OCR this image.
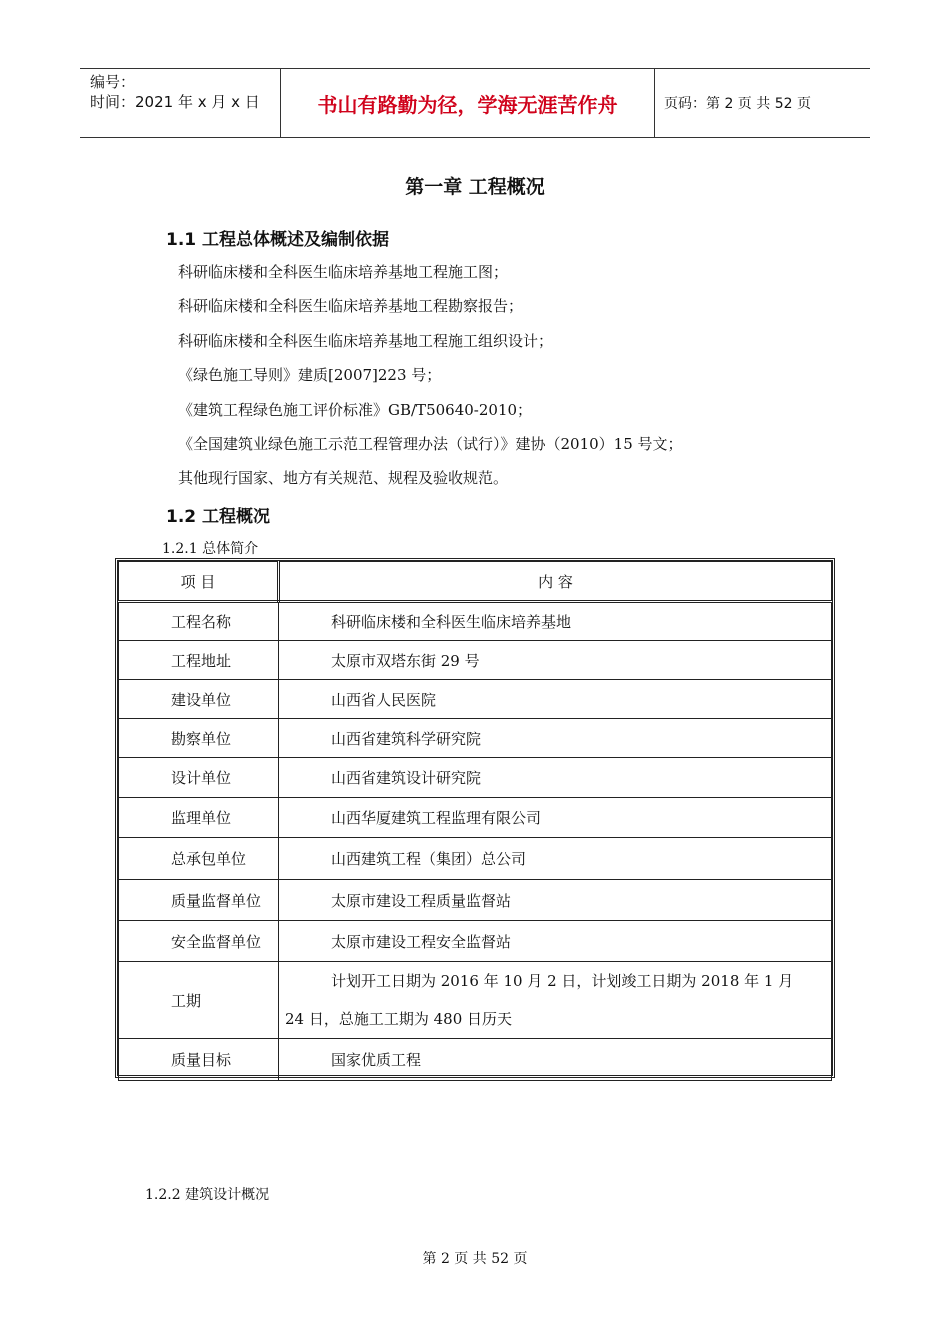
编号：
时间：2021 年 x 月 x 日	书山有路勤为径，学海无涯苦作舟	页码：第 2 页 共 52 页
第一章 工程概况
1.1 工程总体概述及编制依据
科研临床楼和全科医生临床培养基地工程施工图；
科研临床楼和全科医生临床培养基地工程勘察报告；
科研临床楼和全科医生临床培养基地工程施工组织设计；
《绿色施工导则》建质[2007]223 号；
《建筑工程绿色施工评价标准》GB/T50640-2010；
《全国建筑业绿色施工示范工程管理办法（试行）》建协（2010）15 号文；
其他现行国家、地方有关规范、规程及验收规范。
1.2 工程概况
1.2.1 总体简介
项 目	内 容
工程名称	科研临床楼和全科医生临床培养基地
工程地址	太原市双塔东街 29 号
建设单位	山西省人民医院
勘察单位	山西省建筑科学研究院
设计单位	山西省建筑设计研究院
监理单位	山西华厦建筑工程监理有限公司
总承包单位	山西建筑工程（集团）总公司
质量监督单位	太原市建设工程质量监督站
安全监督单位	太原市建设工程安全监督站
工期	计划开工日期为 2016 年 10 月 2 日，计划竣工日期为 2018 年 1 月
24 日，总施工工期为 480 日历天

质量目标	国家优质工程
1.2.2 建筑设计概况
第 2 页 共 52 页
